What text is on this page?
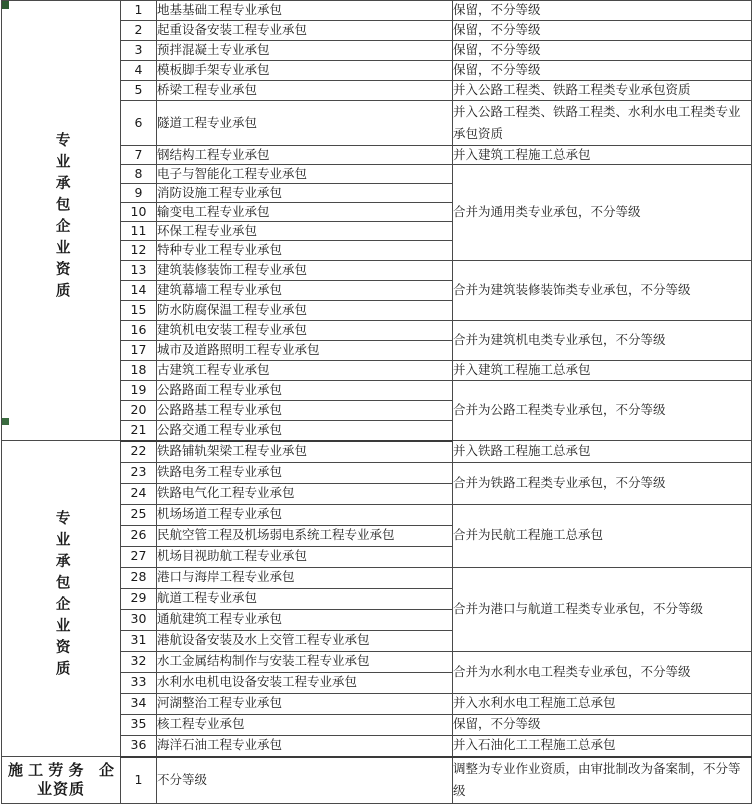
专业承包企业资质	1	地基基础工程专业承包	保留，不分等级
	2	起重设备安装工程专业承包	保留，不分等级
	3	预拌混凝土专业承包	保留，不分等级
	4	模板脚手架专业承包	保留，不分等级
	5	桥梁工程专业承包	并入公路工程类、铁路工程类专业承包资质
	6	隧道工程专业承包	并入公路工程类、铁路工程类、水利水电工程类专业承包资质
	7	钢结构工程专业承包	并入建筑工程施工总承包
	8	电子与智能化工程专业承包	合并为通用类专业承包，不分等级
	9	消防设施工程专业承包	
	10	输变电工程专业承包	
	11	环保工程专业承包	
	12	特种专业工程专业承包	
	13	建筑装修装饰工程专业承包	合并为建筑装修装饰类专业承包，不分等级
	14	建筑幕墙工程专业承包	
	15	防水防腐保温工程专业承包	
	16	建筑机电安装工程专业承包	合并为建筑机电类专业承包，不分等级
	17	城市及道路照明工程专业承包	
	18	古建筑工程专业承包	并入建筑工程施工总承包
	19	公路路面工程专业承包	合并为公路工程类专业承包，不分等级
	20	公路路基工程专业承包	
	21	公路交通工程专业承包	
专业承包企业资质	22	铁路铺轨架梁工程专业承包	并入铁路工程施工总承包
	23	铁路电务工程专业承包	合并为铁路工程类专业承包，不分等级
	24	铁路电气化工程专业承包	
	25	机场场道工程专业承包	合并为民航工程施工总承包
	26	民航空管工程及机场弱电系统工程专业承包	
	27	机场目视助航工程专业承包	
	28	港口与海岸工程专业承包	合并为港口与航道工程类专业承包，不分等级
	29	航道工程专业承包	
	30	通航建筑工程专业承包	
	31	港航设备安装及水上交管工程专业承包	
	32	水工金属结构制作与安装工程专业承包	合并为水利水电工程类专业承包，不分等级
	33	水利水电机电设备安装工程专业承包	
	34	河湖整治工程专业承包	并入水利水电工程施工总承包
	35	核工程专业承包	保留，不分等级
	36	海洋石油工程专业承包	并入石油化工工程施工总承包

施工劳务 企
业资质	1	不分等级	调整为专业作业资质，由审批制改为备案制，不分等级
